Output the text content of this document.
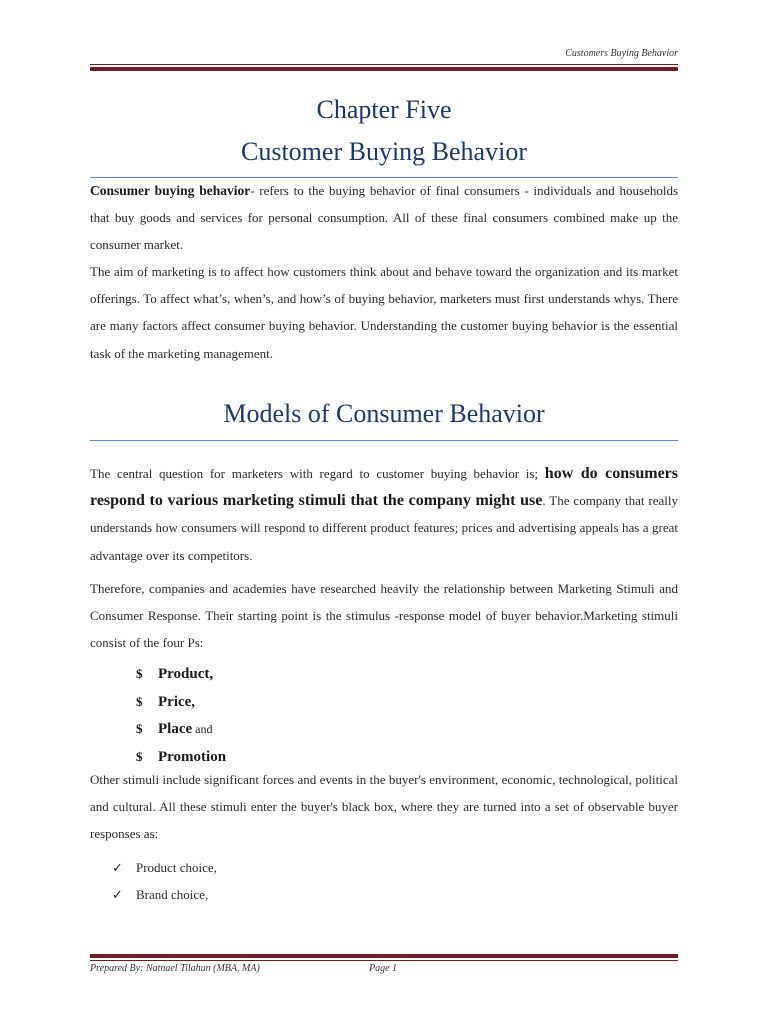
Customers Buying Behavior
Chapter Five
Customer Buying Behavior
Consumer buying behavior- refers to the buying behavior of final consumers - individuals and households that buy goods and services for personal consumption. All of these final consumers combined make up the consumer market.
The aim of marketing is to affect how customers think about and behave toward the organization and its market offerings. To affect what’s, when’s, and how’s of buying behavior, marketers must first understands whys. There are many factors affect consumer buying behavior. Understanding the customer buying behavior is the essential task of the marketing management.
Models of Consumer Behavior
The central question for marketers with regard to customer buying behavior is; how do consumers respond to various marketing stimuli that the company might use. The company that really understands how consumers will respond to different product features; prices and advertising appeals has a great advantage over its competitors.
Therefore, companies and academies have researched heavily the relationship between Marketing Stimuli and Consumer Response. Their starting point is the stimulus -response model of buyer behavior.Marketing stimuli consist of the four Ps:
$ Product,
$ Price,
$ Place and
$ Promotion
Other stimuli include significant forces and events in the buyer's environment, economic, technological, political and cultural. All these stimuli enter the buyer's black box, where they are turned into a set of observable buyer responses as:
✓ Product choice,
✓ Brand choice,
Prepared By: Natnael Tilahun (MBA, MA)	Page 1
